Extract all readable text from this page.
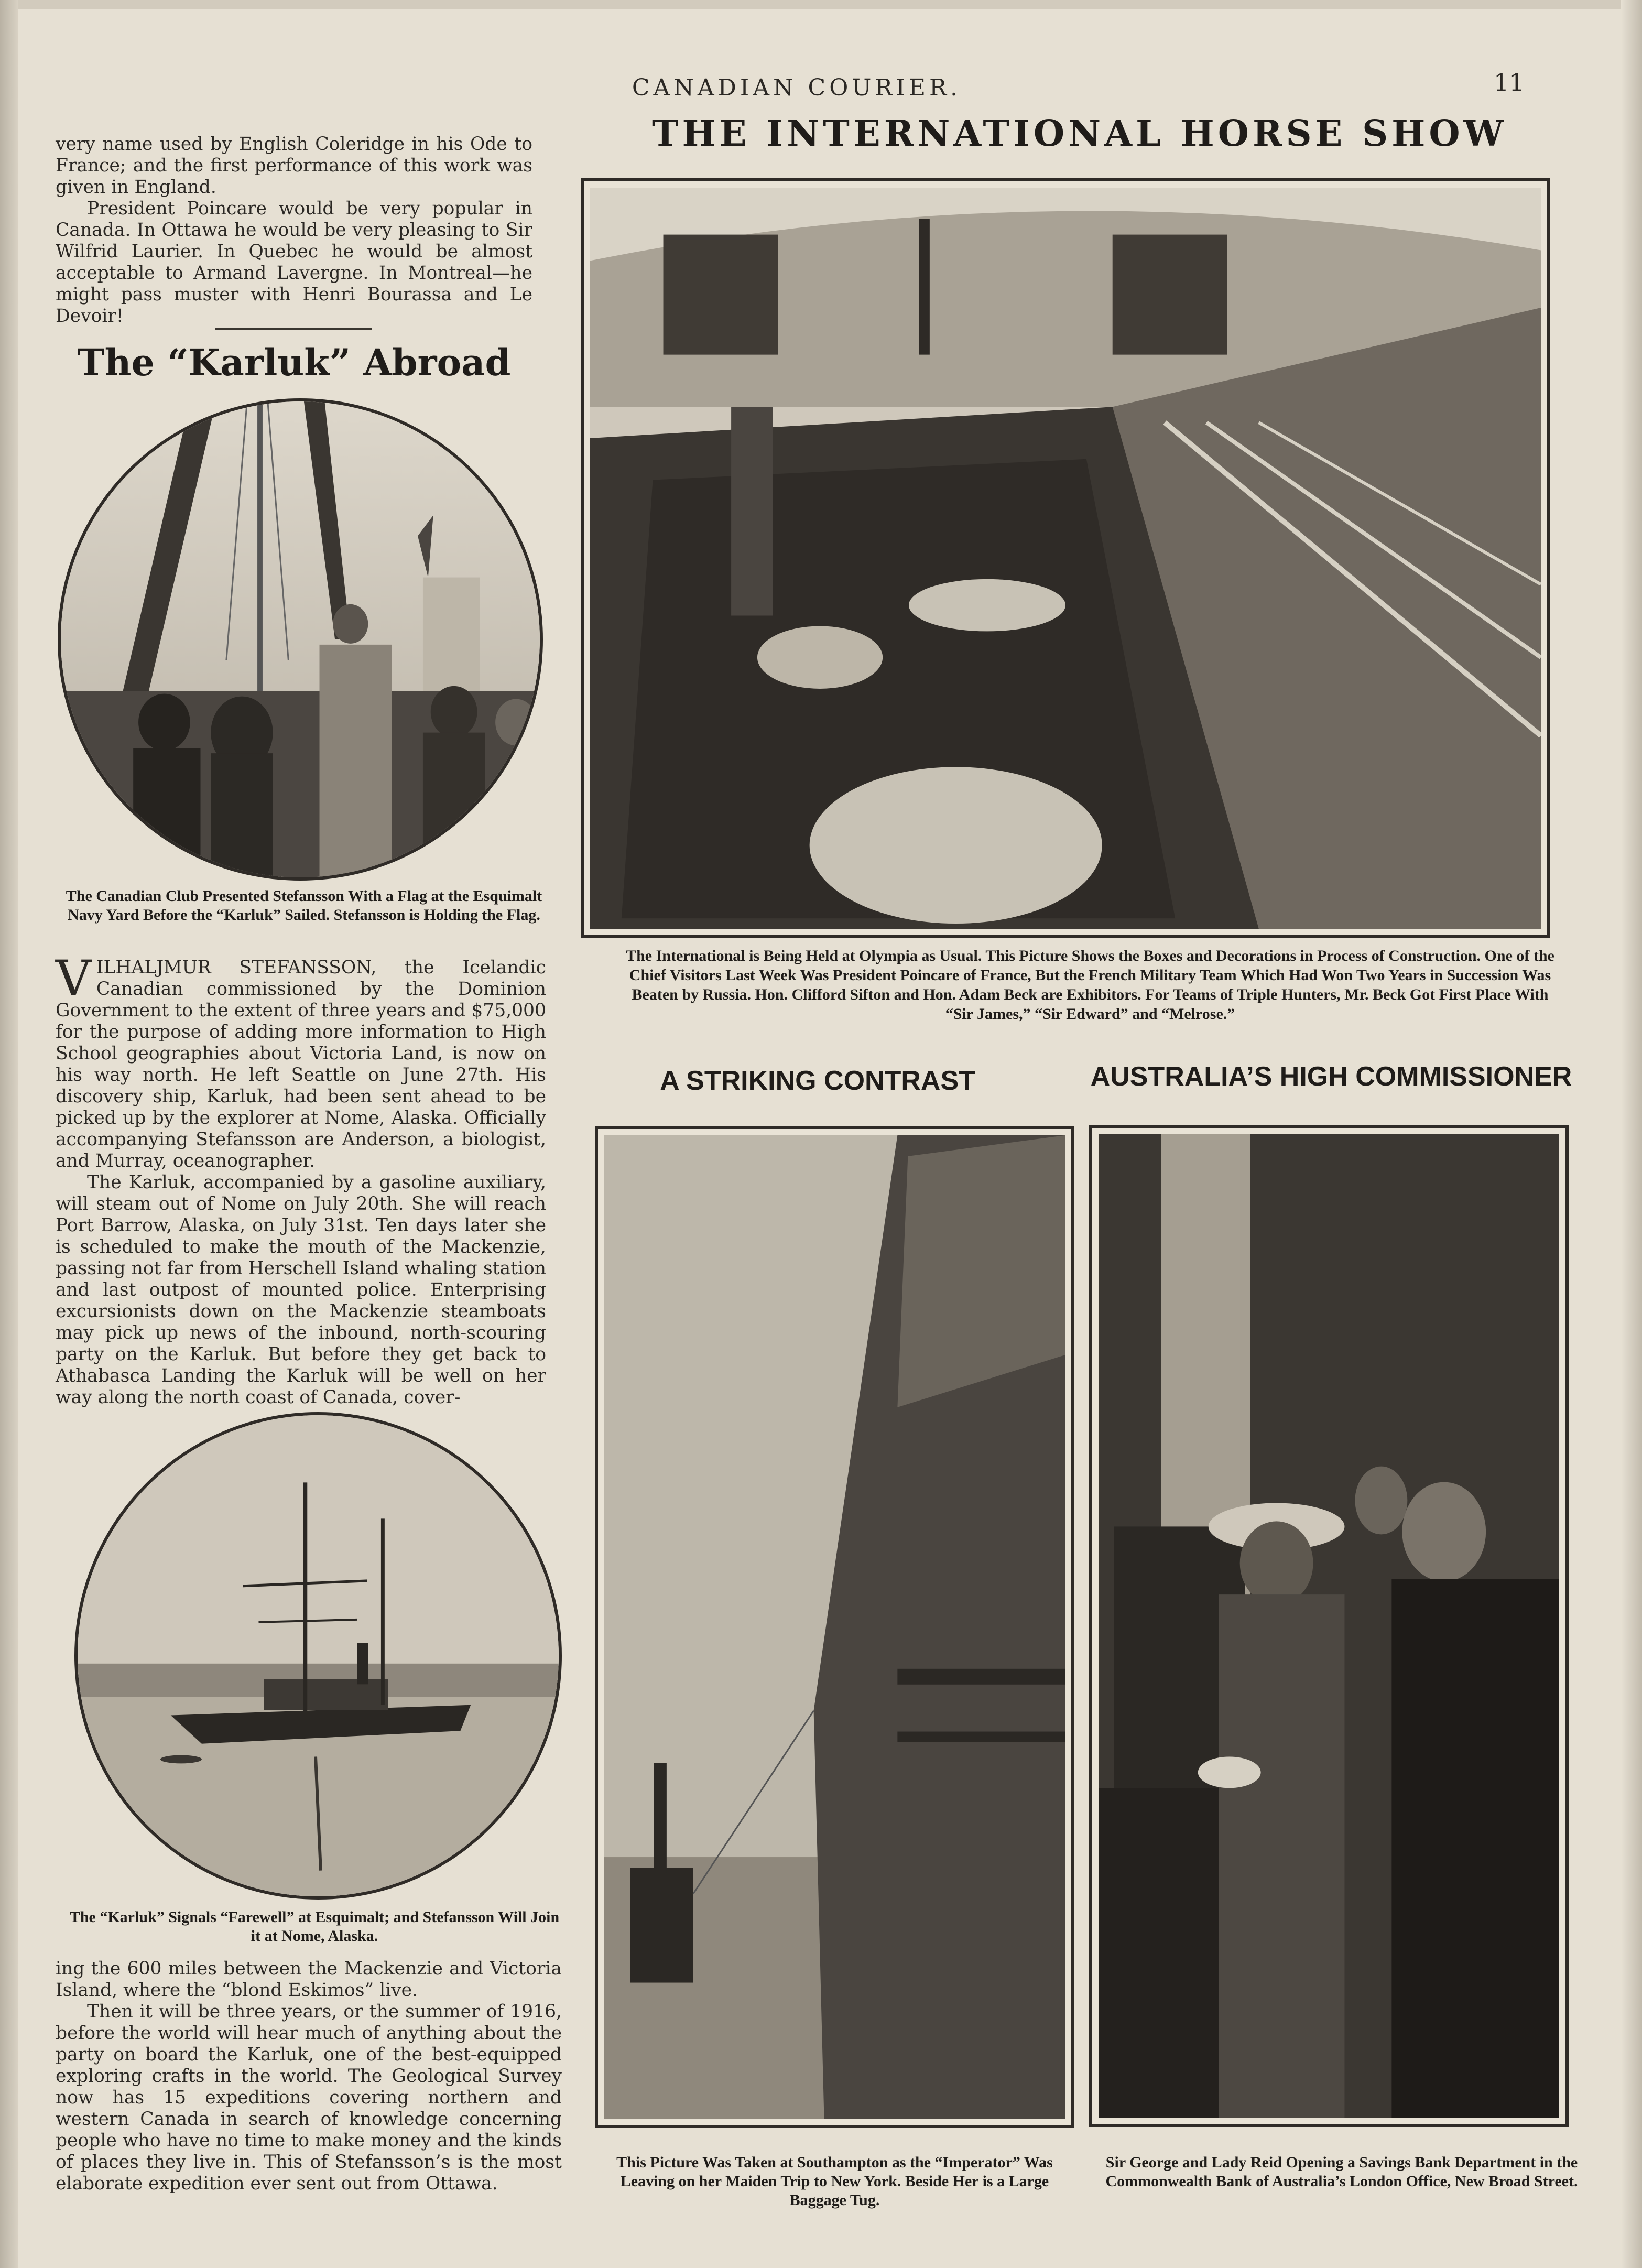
CANADIAN COURIER.	11

very name used by English Coleridge in his Ode to France; and the first performance of this work was given in England.

President Poincare would be very popular in Canada. In Ottawa he would be very pleasing to Sir Wilfrid Laurier. In Quebec he would be almost acceptable to Armand Lavergne. In Montreal—he might pass muster with Henri Bourassa and Le Devoir!

The “Karluk” Abroad
The Canadian Club Presented Stefansson With a Flag at the Esquimalt Navy Yard Before the “Karluk” Sailed. Stefansson is Holding the Flag.

VILHALJMUR STEFANSSON, the Icelandic Canadian commissioned by the Dominion Government to the extent of three years and $75,000 for the purpose of adding more information to High School geographies about Victoria Land, is now on his way north. He left Seattle on June 27th. His discovery ship, Karluk, had been sent ahead to be picked up by the explorer at Nome, Alaska. Officially accompanying Stefansson are Anderson, a biologist, and Murray, oceanographer.

The Karluk, accompanied by a gasoline auxiliary, will steam out of Nome on July 20th. She will reach Port Barrow, Alaska, on July 31st. Ten days later she is scheduled to make the mouth of the Mackenzie, passing not far from Herschell Island whaling station and last outpost of mounted police. Enterprising excursionists down on the Mackenzie steamboats may pick up news of the inbound, north-scouring party on the Karluk. But before they get back to Athabasca Landing the Karluk will be well on her way along the north coast of Canada, cover-

The “Karluk” Signals “Farewell” at Esquimalt; and Stefansson Will Join it at Nome, Alaska.

ing the 600 miles between the Mackenzie and Victoria Island, where the “blond Eskimos” live.

Then it will be three years, or the summer of 1916, before the world will hear much of anything about the party on board the Karluk, one of the best-equipped exploring crafts in the world. The Geological Survey now has 15 expeditions covering northern and western Canada in search of knowledge concerning people who have no time to make money and the kinds of places they live in. This of Stefansson’s is the most elaborate expedition ever sent out from Ottawa.

THE INTERNATIONAL HORSE SHOW
The International is Being Held at Olympia as Usual. This Picture Shows the Boxes and Decorations in Process of Construction. One of the Chief Visitors Last Week Was President Poincare of France, But the French Military Team Which Had Won Two Years in Succession Was Beaten by Russia. Hon. Clifford Sifton and Hon. Adam Beck are Exhibitors. For Teams of Triple Hunters, Mr. Beck Got First Place With “Sir James,” “Sir Edward” and “Melrose.”
A STRIKING CONTRAST
This Picture Was Taken at Southampton as the “Imperator” Was Leaving on her Maiden Trip to New York. Beside Her is a Large Baggage Tug.
AUSTRALIA’S HIGH COMMISSIONER
Sir George and Lady Reid Opening a Savings Bank Department in the Commonwealth Bank of Australia’s London Office, New Broad Street.
